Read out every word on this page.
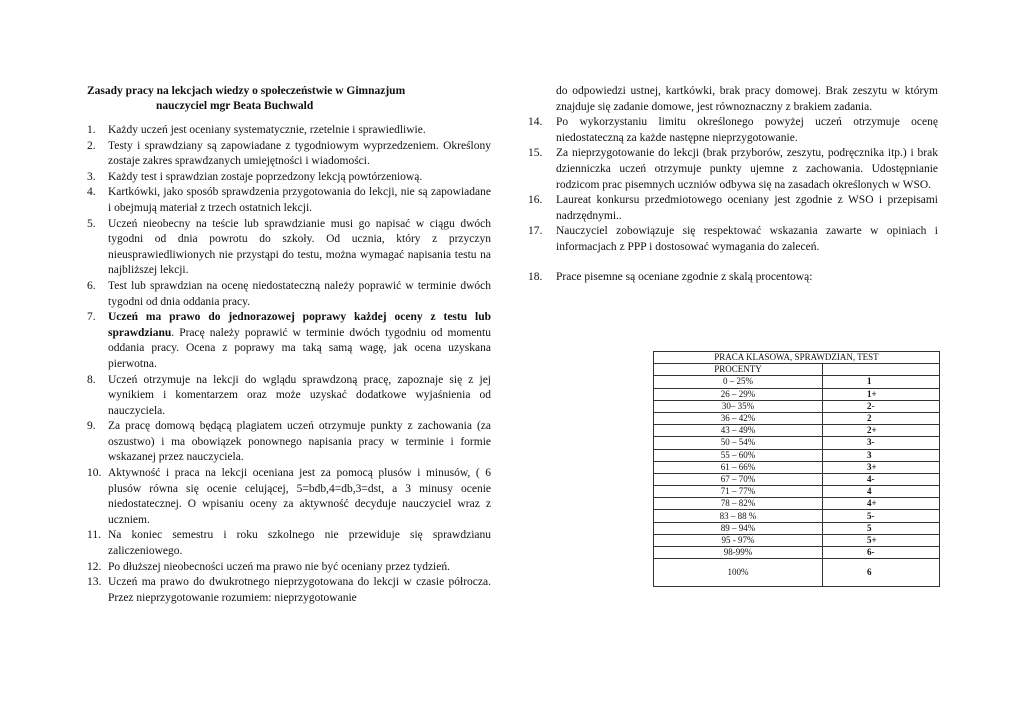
Zasady pracy na lekcjach wiedzy o społeczeństwie w Gimnazjum
nauczyciel mgr Beata Buchwald
1. Każdy uczeń jest oceniany systematycznie, rzetelnie i sprawiedliwie.
2. Testy i sprawdziany są zapowiadane z tygodniowym wyprzedzeniem. Określony zostaje zakres sprawdzanych umiejętności i wiadomości.
3. Każdy test i sprawdzian zostaje poprzedzony lekcją powtórzeniową.
4. Kartkówki, jako sposób sprawdzenia przygotowania do lekcji, nie są zapowiadane i obejmują materiał z trzech ostatnich lekcji.
5. Uczeń nieobecny na teście lub sprawdzianie musi go napisać w ciągu dwóch tygodni od dnia powrotu do szkoły. Od ucznia, który z przyczyn nieusprawiedliwionych nie przystąpi do testu, można wymagać napisania testu na najbliższej lekcji.
6. Test lub sprawdzian na ocenę niedostateczną należy poprawić w terminie dwóch tygodni od dnia oddania pracy.
7. Uczeń ma prawo do jednorazowej poprawy każdej oceny z testu lub sprawdzianu. Pracę należy poprawić w terminie dwóch tygodniu od momentu oddania pracy. Ocena z poprawy ma taką samą wagę, jak ocena uzyskana pierwotna.
8. Uczeń otrzymuje na lekcji do wglądu sprawdzoną pracę, zapoznaje się z jej wynikiem i komentarzem oraz może uzyskać dodatkowe wyjaśnienia od nauczyciela.
9. Za pracę domową będącą plagiatem uczeń otrzymuje punkty z zachowania (za oszustwo) i ma obowiązek ponownego napisania pracy w terminie i formie wskazanej przez nauczyciela.
10. Aktywność i praca na lekcji oceniana jest za pomocą plusów i minusów, ( 6 plusów równa się ocenie celującej, 5=bdb,4=db,3=dst, a 3 minusy ocenie niedostatecznej. O wpisaniu oceny za aktywność decyduje nauczyciel wraz z uczniem.
11. Na koniec semestru i roku szkolnego nie przewiduje się sprawdzianu zaliczeniowego.
12. Po dłuższej nieobecności uczeń ma prawo nie być oceniany przez tydzień.
13. Uczeń ma prawo do dwukrotnego nieprzygotowana do lekcji w czasie półrocza. Przez nieprzygotowanie rozumiem: nieprzygotowanie
do odpowiedzi ustnej, kartkówki, brak pracy domowej. Brak zeszytu w którym znajduje się zadanie domowe, jest równoznaczny z brakiem zadania.
14. Po wykorzystaniu limitu określonego powyżej uczeń otrzymuje ocenę niedostateczną za każde następne nieprzygotowanie.
15. Za nieprzygotowanie do lekcji (brak przyborów, zeszytu, podręcznika itp.) i brak dzienniczka uczeń otrzymuje punkty ujemne z zachowania. Udostępnianie rodzicom prac pisemnych uczniów odbywa się na zasadach określonych w WSO.
16. Laureat konkursu przedmiotowego oceniany jest zgodnie z WSO i przepisami nadrzędnymi..
17. Nauczyciel zobowiązuje się respektować wskazania zawarte w opiniach i informacjach z PPP i dostosować wymagania do zaleceń.
18. Prace pisemne są oceniane zgodnie z skalą procentową:
PRACA KLASOWA, SPRAWDZIAN, TEST	
PROCENTY	
0 – 25%	1
26 – 29%	1+
30– 35%	2-
36 – 42%	2
43 – 49%	2+
50 – 54%	3-
55 – 60%	3
61 – 66%	3+
67 – 70%	4-
71 – 77%	4
78 – 82%	4+
83 – 88 %	5-
89 – 94%	5
95 - 97%	5+
98-99%	6-
100%	6
